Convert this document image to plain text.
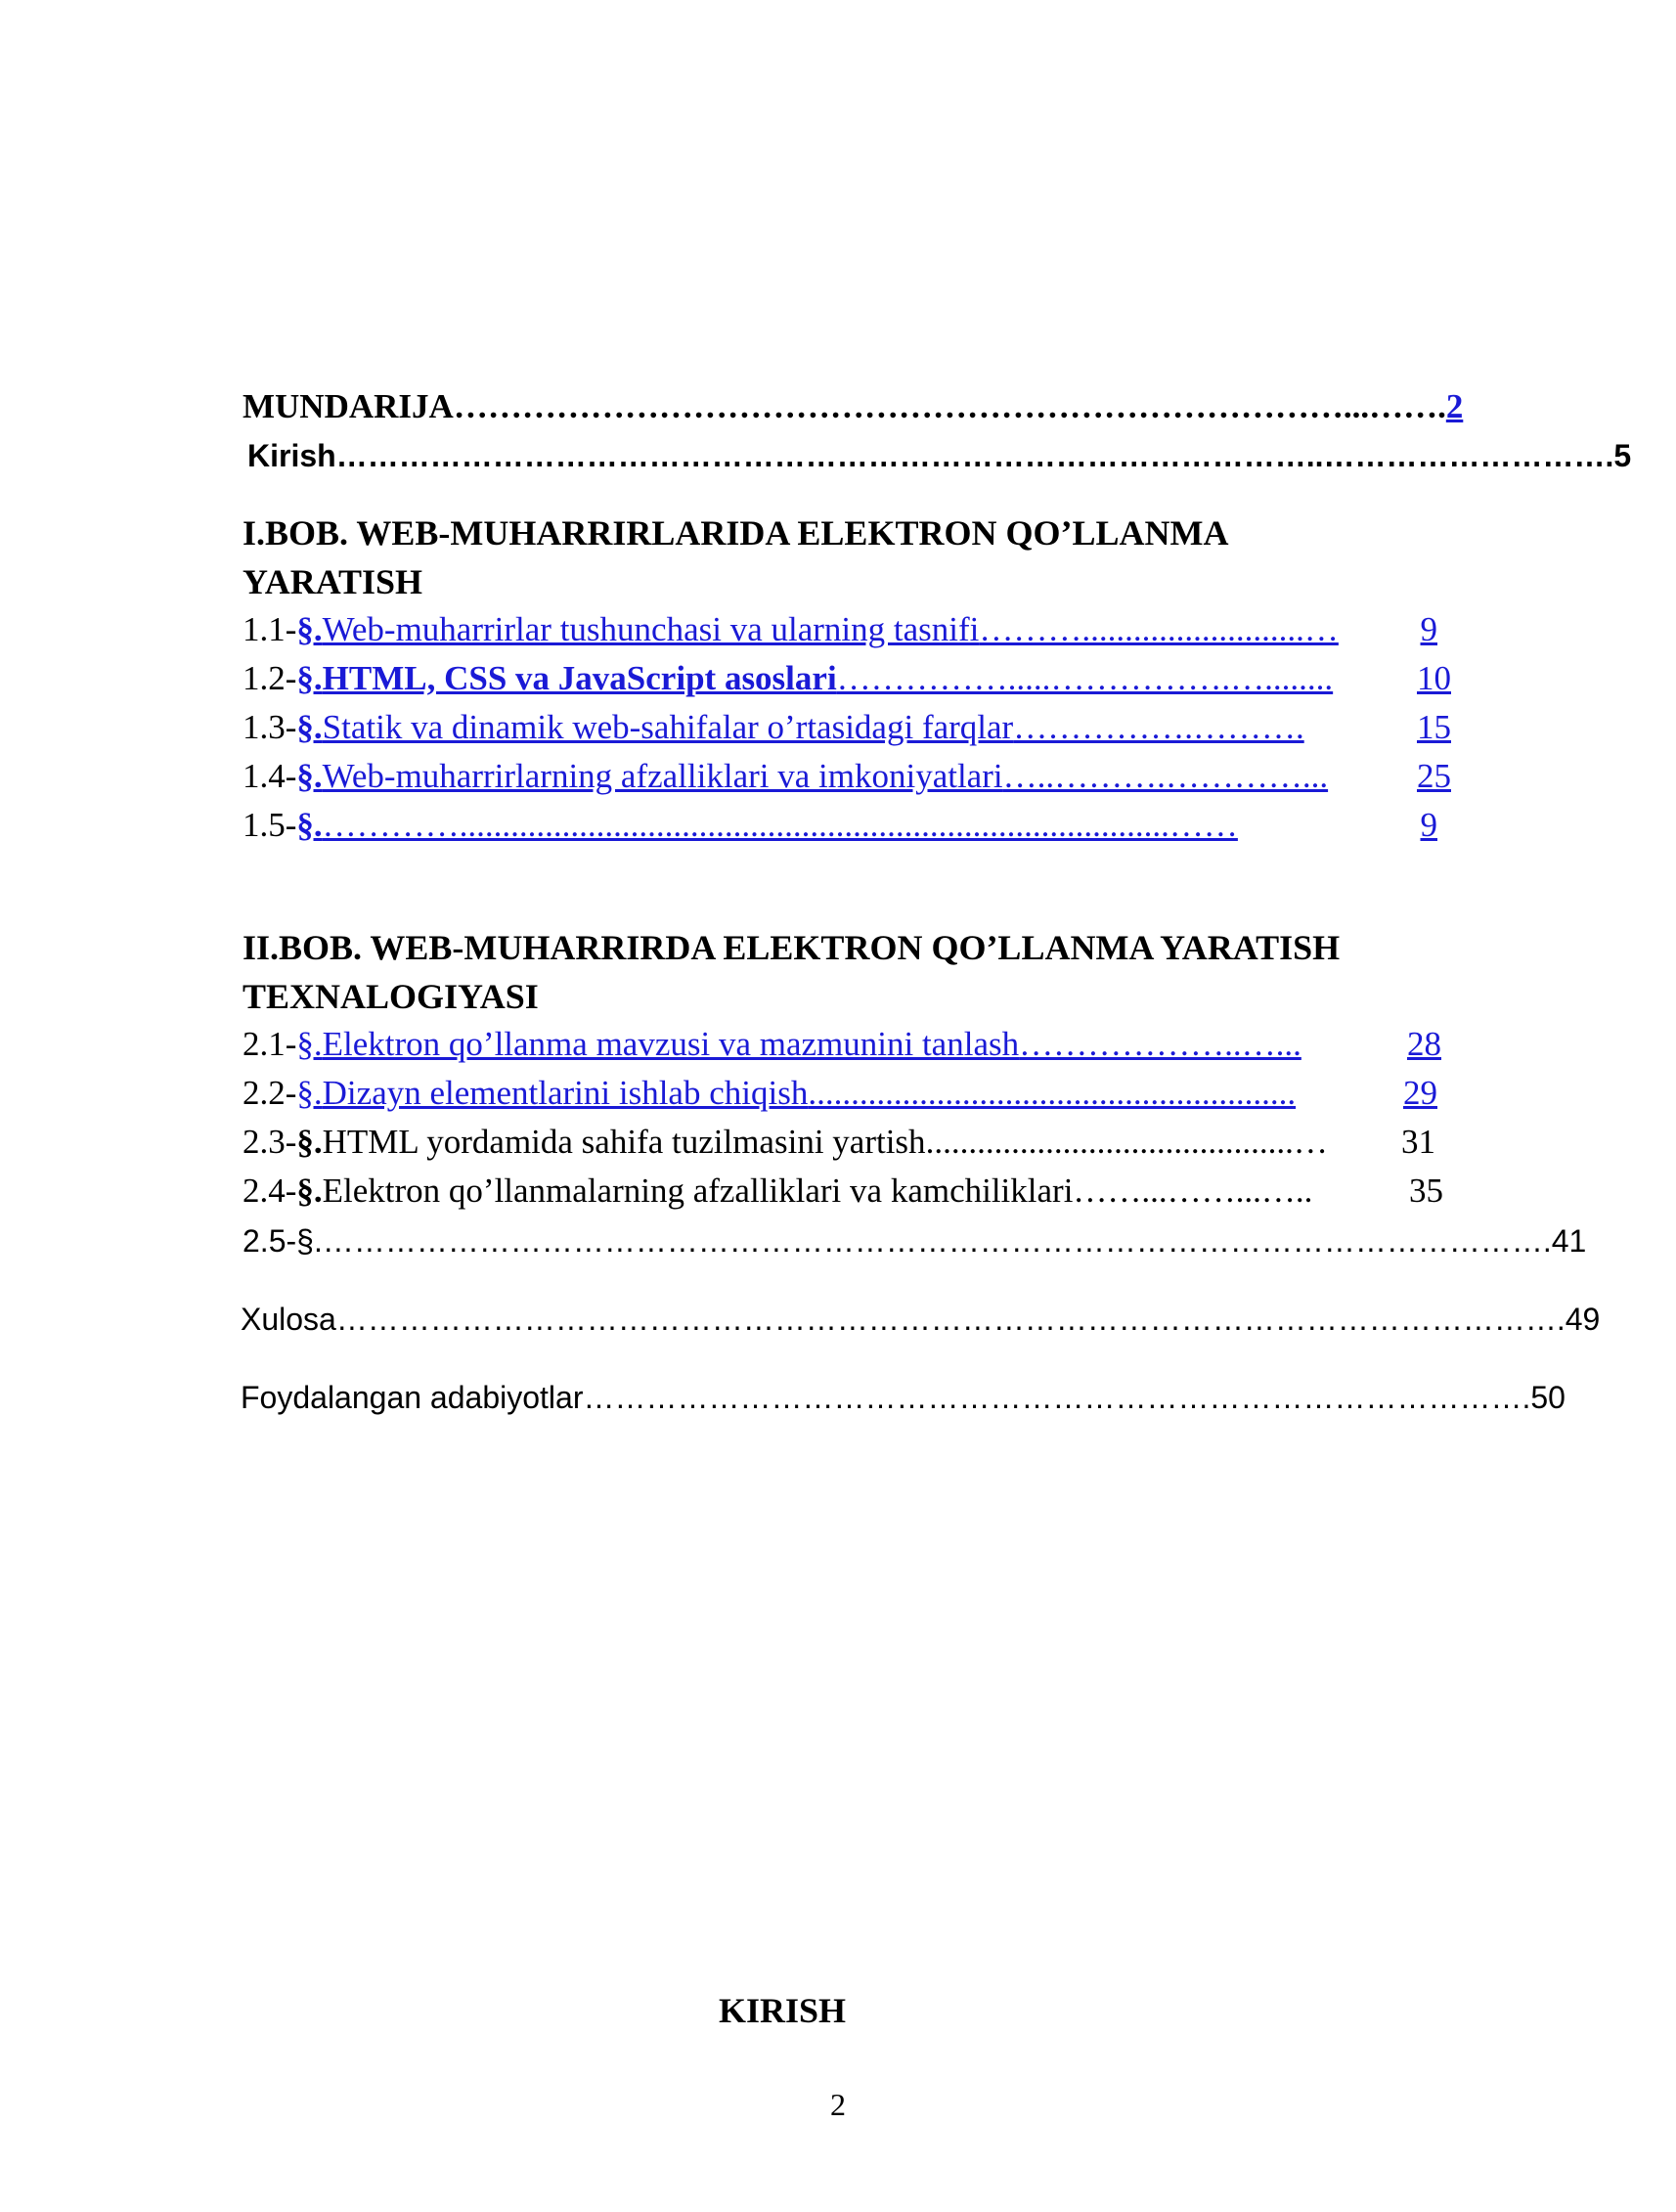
MUNDARIJA ……………………………………………………………………...……. 2
Kirish …………………………………………………………………………………..………………………. 5
I.BOB. WEB-MUHARRIRLARIDA ELEKTRON QO’LLANMA
YARATISH
1.1- §. Web-muharrirlar tushunchasi va ularning tasnifi ………..........................…	9
1.2- §. HTML, CSS va JavaScript asoslari …………….....…………….…........	10
1.3- §. Statik va dinamik web-sahifalar o’rtasidagi farqlar …………….……….	15
1.4- §. Web-muharrirlarning afzalliklari va imkoniyatlari …..……….…………...	25
1.5- §. …………...................................................................................……	9
II.BOB. WEB-MUHARRIRDA ELEKTRON QO’LLANMA YARATISH
TEXNALOGIYASI
2.1- §. Elektron qo’llanma mavzusi va mazmunini tanlash ………………..…...	28
2.2- §. Dizayn elementlarini ishlab chiqish .........................................................	29
2.3- §. HTML yordamida sahifa tuzilmasini yartish ...........................................…	31
2.4- §. Elektron qo’llanmalarning afzalliklari va kamchiliklari ……...……...…..	35
2.5- §. ………………………………………………………………………………………………………. 41
Xulosa ………………………………………………………………………………………………………. 49
Foydalangan adabiyotlar ………………………………………………………………………………. 50
KIRISH
2
